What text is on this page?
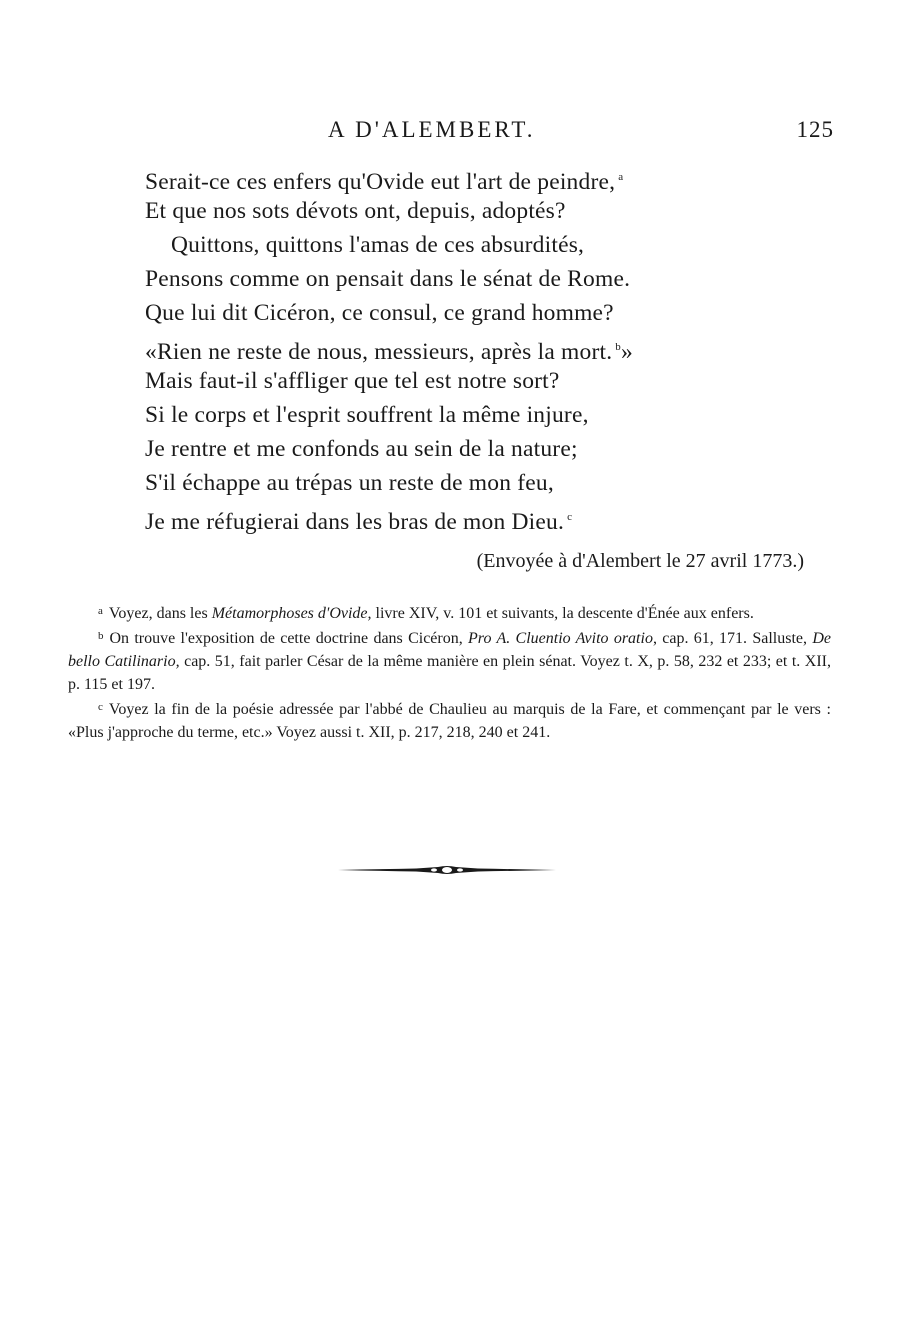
A D'ALEMBERT.	125
Serait-ce ces enfers qu'Ovide eut l'art de peindre, $^a$
Et que nos sots dévots ont, depuis, adoptés?
Quittons, quittons l'amas de ces absurdités,
Pensons comme on pensait dans le sénat de Rome.
Que lui dit Cicéron, ce consul, ce grand homme?
«Rien ne reste de nous, messieurs, après la mort. $^b$»
Mais faut-il s'affliger que tel est notre sort?
Si le corps et l'esprit souffrent la même injure,
Je rentre et me confonds au sein de la nature;
S'il échappe au trépas un reste de mon feu,
Je me réfugierai dans les bras de mon Dieu. $^c$
(Envoyée à d'Alembert le 27 avril 1773.)

$^a$ Voyez, dans les Métamorphoses d'Ovide, livre XIV, v. 101 et suivants, la descente d'Énée aux enfers.

$^b$ On trouve l'exposition de cette doctrine dans Cicéron, Pro A. Cluentio Avito oratio, cap. 61, 171. Salluste, De bello Catilinario, cap. 51, fait parler César de la même manière en plein sénat. Voyez t. X, p. 58, 232 et 233; et t. XII, p. 115 et 197.

$^c$ Voyez la fin de la poésie adressée par l'abbé de Chaulieu au marquis de la Fare, et commençant par le vers : «Plus j'approche du terme, etc.» Voyez aussi t. XII, p. 217, 218, 240 et 241.
